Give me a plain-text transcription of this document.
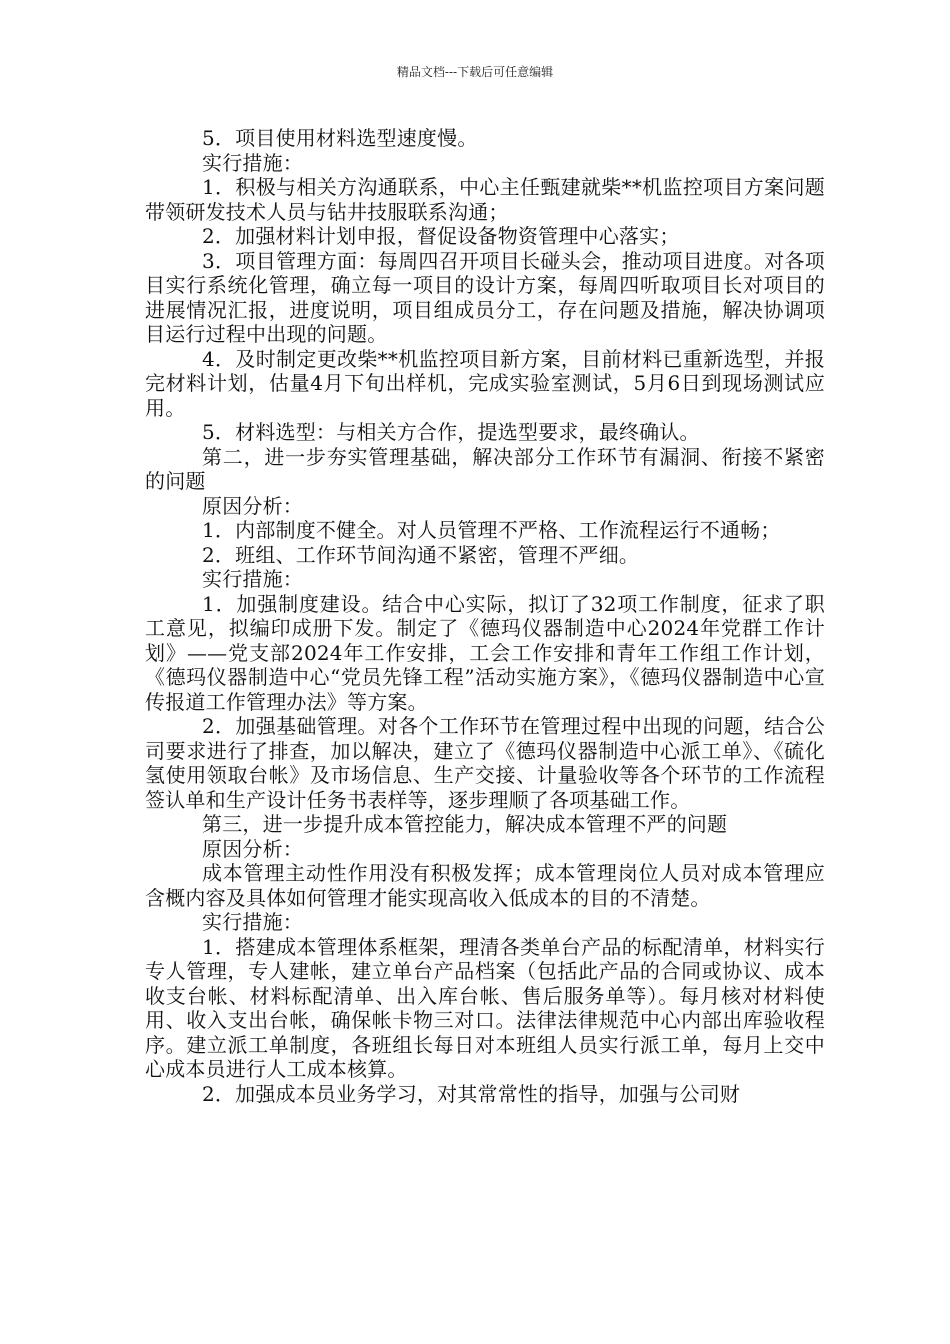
精品文档---下载后可任意编辑

5．项目使用材料选型速度慢。

实行措施：

1．积极与相关方沟通联系，中心主任甄建就柴**机监控项目方案问题带领研发技术人员与钻井技服联系沟通；

2．加强材料计划申报，督促设备物资管理中心落实；

3．项目管理方面：每周四召开项目长碰头会，推动项目进度。对各项目实行系统化管理，确立每一项目的设计方案，每周四听取项目长对项目的进展情况汇报，进度说明，项目组成员分工，存在问题及措施，解决协调项目运行过程中出现的问题。

4．及时制定更改柴**机监控项目新方案，目前材料已重新选型，并报完材料计划，估量4月下旬出样机，完成实验室测试，5月6日到现场测试应用。

5．材料选型：与相关方合作，提选型要求，最终确认。

第二，进一步夯实管理基础，解决部分工作环节有漏洞、衔接不紧密的问题

原因分析：

1．内部制度不健全。对人员管理不严格、工作流程运行不通畅；

2．班组、工作环节间沟通不紧密，管理不严细。

实行措施：

1．加强制度建设。结合中心实际，拟订了32项工作制度，征求了职工意见，拟编印成册下发。制定了《德玛仪器制造中心2024年党群工作计划》——党支部2024年工作安排，工会工作安排和青年工作组工作计划，《德玛仪器制造中心“党员先锋工程”活动实施方案》，《德玛仪器制造中心宣传报道工作管理办法》等方案。

2．加强基础管理。对各个工作环节在管理过程中出现的问题，结合公司要求进行了排查，加以解决，建立了《德玛仪器制造中心派工单》、《硫化氢使用领取台帐》及市场信息、生产交接、计量验收等各个环节的工作流程签认单和生产设计任务书表样等，逐步理顺了各项基础工作。

第三，进一步提升成本管控能力，解决成本管理不严的问题

原因分析：

成本管理主动性作用没有积极发挥；成本管理岗位人员对成本管理应含概内容及具体如何管理才能实现高收入低成本的目的不清楚。

实行措施：

1．搭建成本管理体系框架，理清各类单台产品的标配清单，材料实行专人管理，专人建帐，建立单台产品档案（包括此产品的合同或协议、成本收支台帐、材料标配清单、出入库台帐、售后服务单等）。每月核对材料使用、收入支出台帐，确保帐卡物三对口。法律法律规范中心内部出库验收程序。建立派工单制度，各班组长每日对本班组人员实行派工单，每月上交中心成本员进行人工成本核算。

2．加强成本员业务学习，对其常常性的指导，加强与公司财
